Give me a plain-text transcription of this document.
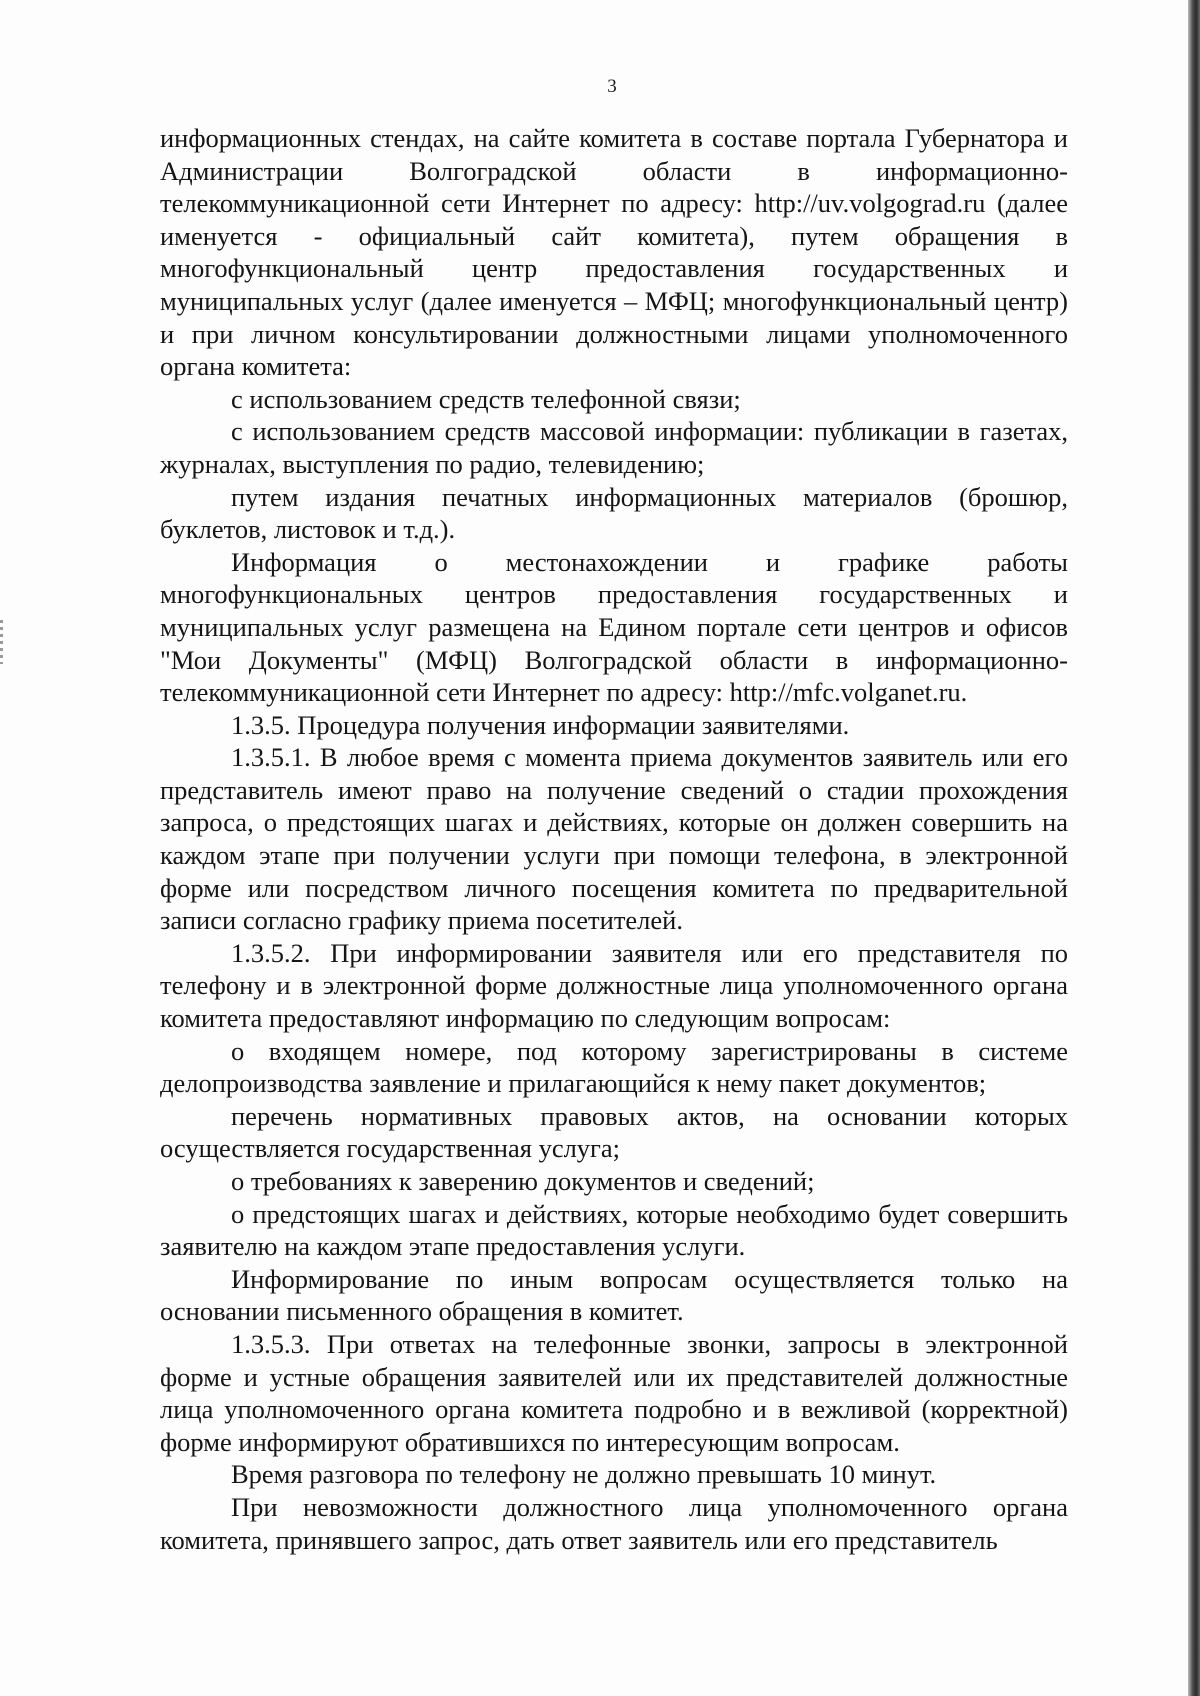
3

информационных стендах, на сайте комитета в составе портала Губернатора и Администрации Волгоградской области в информационно-телекоммуникационной сети Интернет по адресу: http://uv.volgograd.ru (далее именуется - официальный сайт комитета), путем обращения в многофункциональный центр предоставления государственных и муниципальных услуг (далее именуется – МФЦ; многофункциональный центр) и при личном консультировании должностными лицами уполномоченного органа комитета:

с использованием средств телефонной связи;

с использованием средств массовой информации: публикации в газетах, журналах, выступления по радио, телевидению;

путем издания печатных информационных материалов (брошюр, буклетов, листовок и т.д.).

Информация о местонахождении и графике работы многофункциональных центров предоставления государственных и муниципальных услуг размещена на Едином портале сети центров и офисов "Мои Документы" (МФЦ) Волгоградской области в информационно-телекоммуникационной сети Интернет по адресу: http://mfc.volganet.ru.

1.3.5. Процедура получения информации заявителями.

1.3.5.1. В любое время с момента приема документов заявитель или его представитель имеют право на получение сведений о стадии прохождения запроса, о предстоящих шагах и действиях, которые он должен совершить на каждом этапе при получении услуги при помощи телефона, в электронной форме или посредством личного посещения комитета по предварительной записи согласно графику приема посетителей.

1.3.5.2. При информировании заявителя или его представителя по телефону и в электронной форме должностные лица уполномоченного органа комитета предоставляют информацию по следующим вопросам:

о входящем номере, под которому зарегистрированы в системе делопроизводства заявление и прилагающийся к нему пакет документов;

перечень нормативных правовых актов, на основании которых осуществляется государственная услуга;

о требованиях к заверению документов и сведений;

о предстоящих шагах и действиях, которые необходимо будет совершить заявителю на каждом этапе предоставления услуги.

Информирование по иным вопросам осуществляется только на основании письменного обращения в комитет.

1.3.5.3. При ответах на телефонные звонки, запросы в электронной форме и устные обращения заявителей или их представителей должностные лица уполномоченного органа комитета подробно и в вежливой (корректной) форме информируют обратившихся по интересующим вопросам.

Время разговора по телефону не должно превышать 10 минут.

При невозможности должностного лица уполномоченного органа комитета, принявшего запрос, дать ответ заявитель или его представитель
